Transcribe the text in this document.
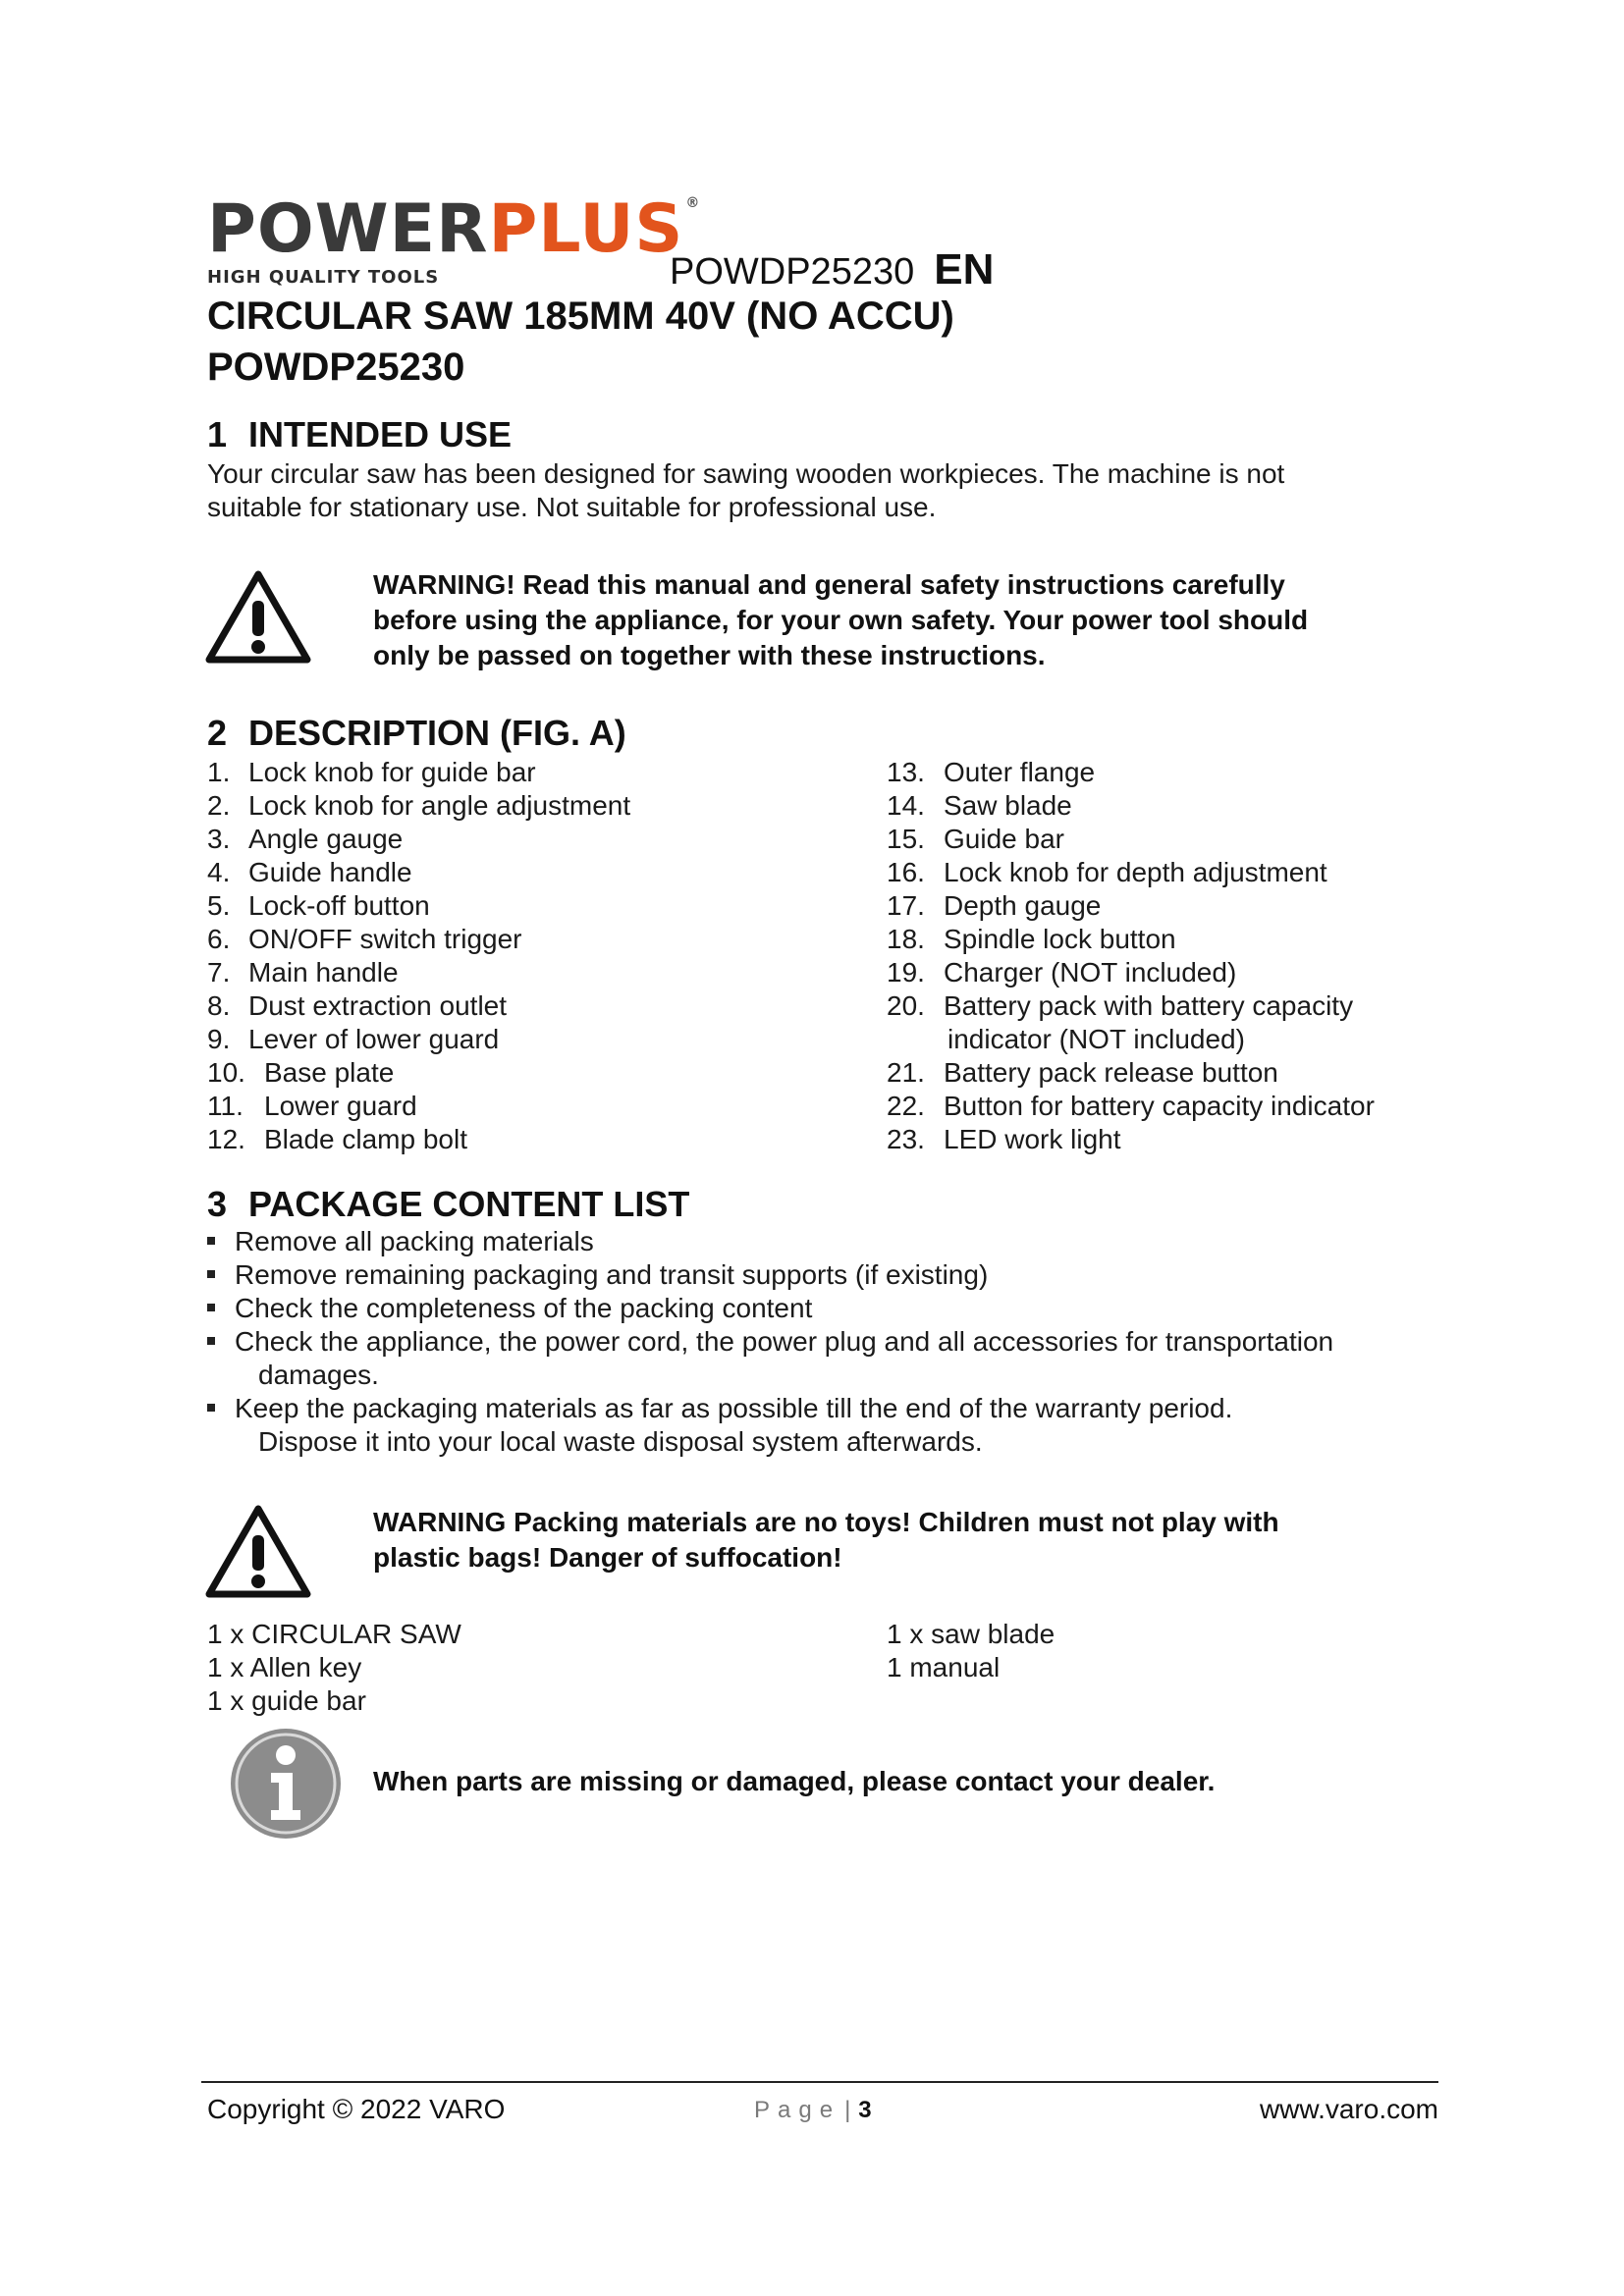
POWERPLUS ®
HIGH QUALITY TOOLS	POWDP25230 EN
CIRCULAR SAW 185MM 40V (NO ACCU)
POWDP25230
1 INTENDED USE
Your circular saw has been designed for sawing wooden workpieces. The machine is not
suitable for stationary use. Not suitable for professional use.
WARNING! Read this manual and general safety instructions carefully
before using the appliance, for your own safety. Your power tool should
only be passed on together with these instructions.
2 DESCRIPTION (FIG. A)
1. Lock knob for guide bar
2. Lock knob for angle adjustment
3. Angle gauge
4. Guide handle
5. Lock-off button
6. ON/OFF switch trigger
7. Main handle
8. Dust extraction outlet
9. Lever of lower guard
10. Base plate
11. Lower guard
12. Blade clamp bolt
13. Outer flange
14. Saw blade
15. Guide bar
16. Lock knob for depth adjustment
17. Depth gauge
18. Spindle lock button
19. Charger (NOT included)
20. Battery pack with battery capacity
indicator (NOT included)
21. Battery pack release button
22. Button for battery capacity indicator
23. LED work light
3 PACKAGE CONTENT LIST
Remove all packing materials
Remove remaining packaging and transit supports (if existing)
Check the completeness of the packing content
Check the appliance, the power cord, the power plug and all accessories for transportation
damages.
Keep the packaging materials as far as possible till the end of the warranty period.
Dispose it into your local waste disposal system afterwards.
WARNING Packing materials are no toys! Children must not play with
plastic bags! Danger of suffocation!
1 x CIRCULAR SAW
1 x Allen key
1 x guide bar
1 x saw blade
1 manual
When parts are missing or damaged, please contact your dealer.
Copyright © 2022 VARO	Page |3	www.varo.com
